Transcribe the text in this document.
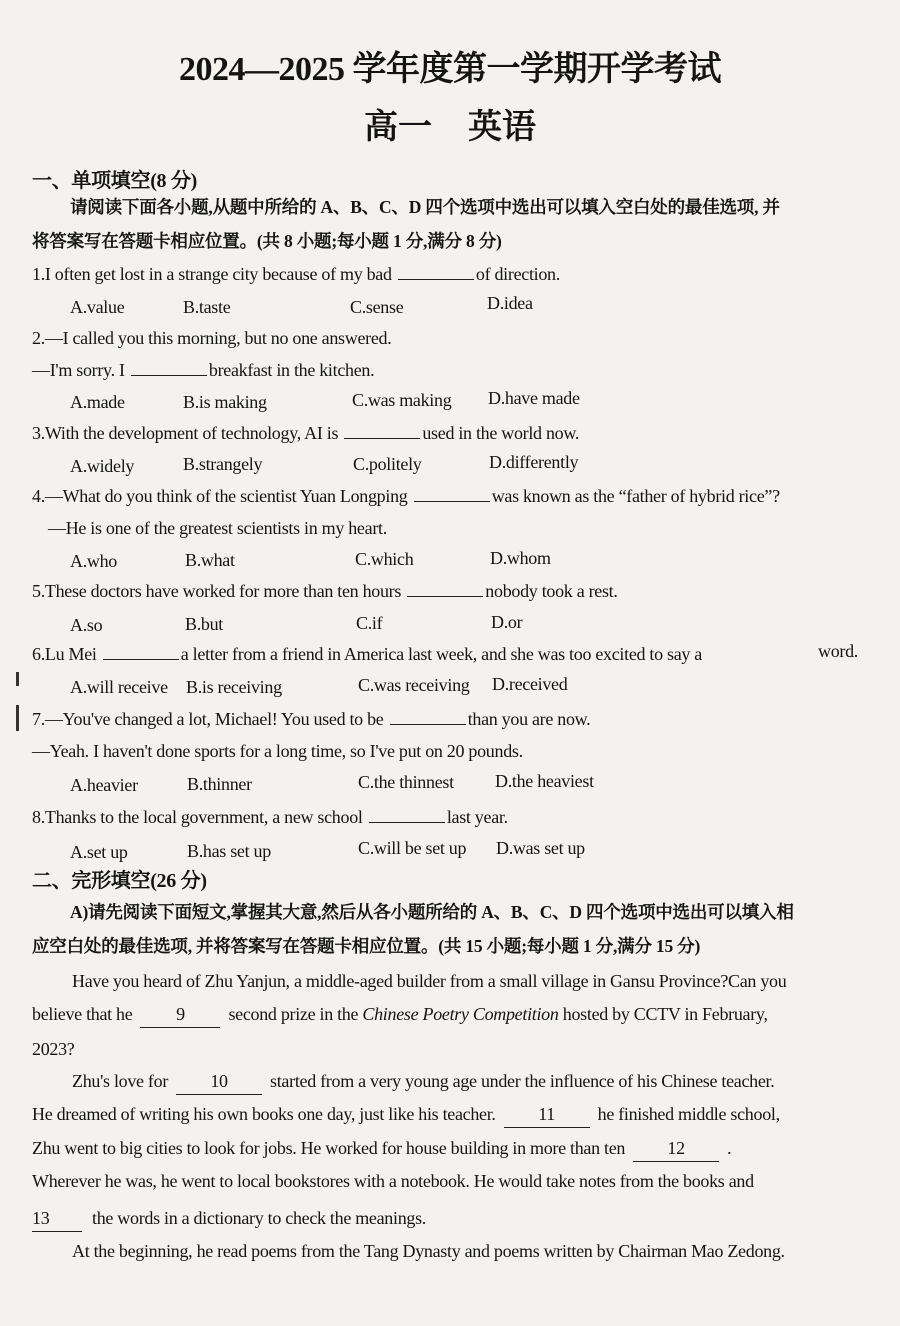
2024—2025 学年度第一学期开学考试
高一 英语
一、单项填空(8 分)
请阅读下面各小题,从题中所给的 A、B、C、D 四个选项中选出可以填入空白处的最佳选项, 并
将答案写在答题卡相应位置。(共 8 小题;每小题 1 分,满分 8 分)
1.I often get lost in a strange city because of my bad	of direction.
A.value	B.taste	C.sense	D.idea
2.—I called you this morning, but no one answered.
—I'm sorry. I	breakfast in the kitchen.
A.made	B.is making	C.was making D.have made
3.With the development of technology, AI is	used in the world now.
A.widely	B.strangely	C.politely	D.differently
4.—What do you think of the scientist Yuan Longping	was known as the “father of hybrid rice”?
—He is one of the greatest scientists in my heart.
A.who	B.what	C.which	D.whom
5.These doctors have worked for more than ten hours	nobody took a rest.
A.so	B.but	C.if	D.or
6.Lu Mei	a letter from a friend in America last week, and she was too excited to say a	word.
A.will receive B.is receiving	C.was receiving D.received
7.—You've changed a lot, Michael! You used to be	than you are now.
—Yeah. I haven't done sports for a long time, so I've put on 20 pounds.
A.heavier	B.thinner	C.the thinnest D.the heaviest
8.Thanks to the local government, a new school	last year.
A.set up	B.has set up	C.will be set up D.was set up
二、完形填空(26 分)
A)请先阅读下面短文,掌握其大意,然后从各小题所给的 A、B、C、D 四个选项中选出可以填入相
应空白处的最佳选项, 并将答案写在答题卡相应位置。(共 15 小题;每小题 1 分,满分 15 分)
Have you heard of Zhu Yanjun, a middle-aged builder from a small village in Gansu Province?Can you
believe that he 9 second prize in the Chinese Poetry Competition hosted by CCTV in February,
2023?
Zhu's love for 10 started from a very young age under the influence of his Chinese teacher.
He dreamed of writing his own books one day, just like his teacher. 11 he finished middle school,
Zhu went to big cities to look for jobs. He worked for house building in more than ten 12 .
Wherever he was, he went to local bookstores with a notebook. He would take notes from the books and
13 the words in a dictionary to check the meanings.
At the beginning, he read poems from the Tang Dynasty and poems written by Chairman Mao Zedong.
